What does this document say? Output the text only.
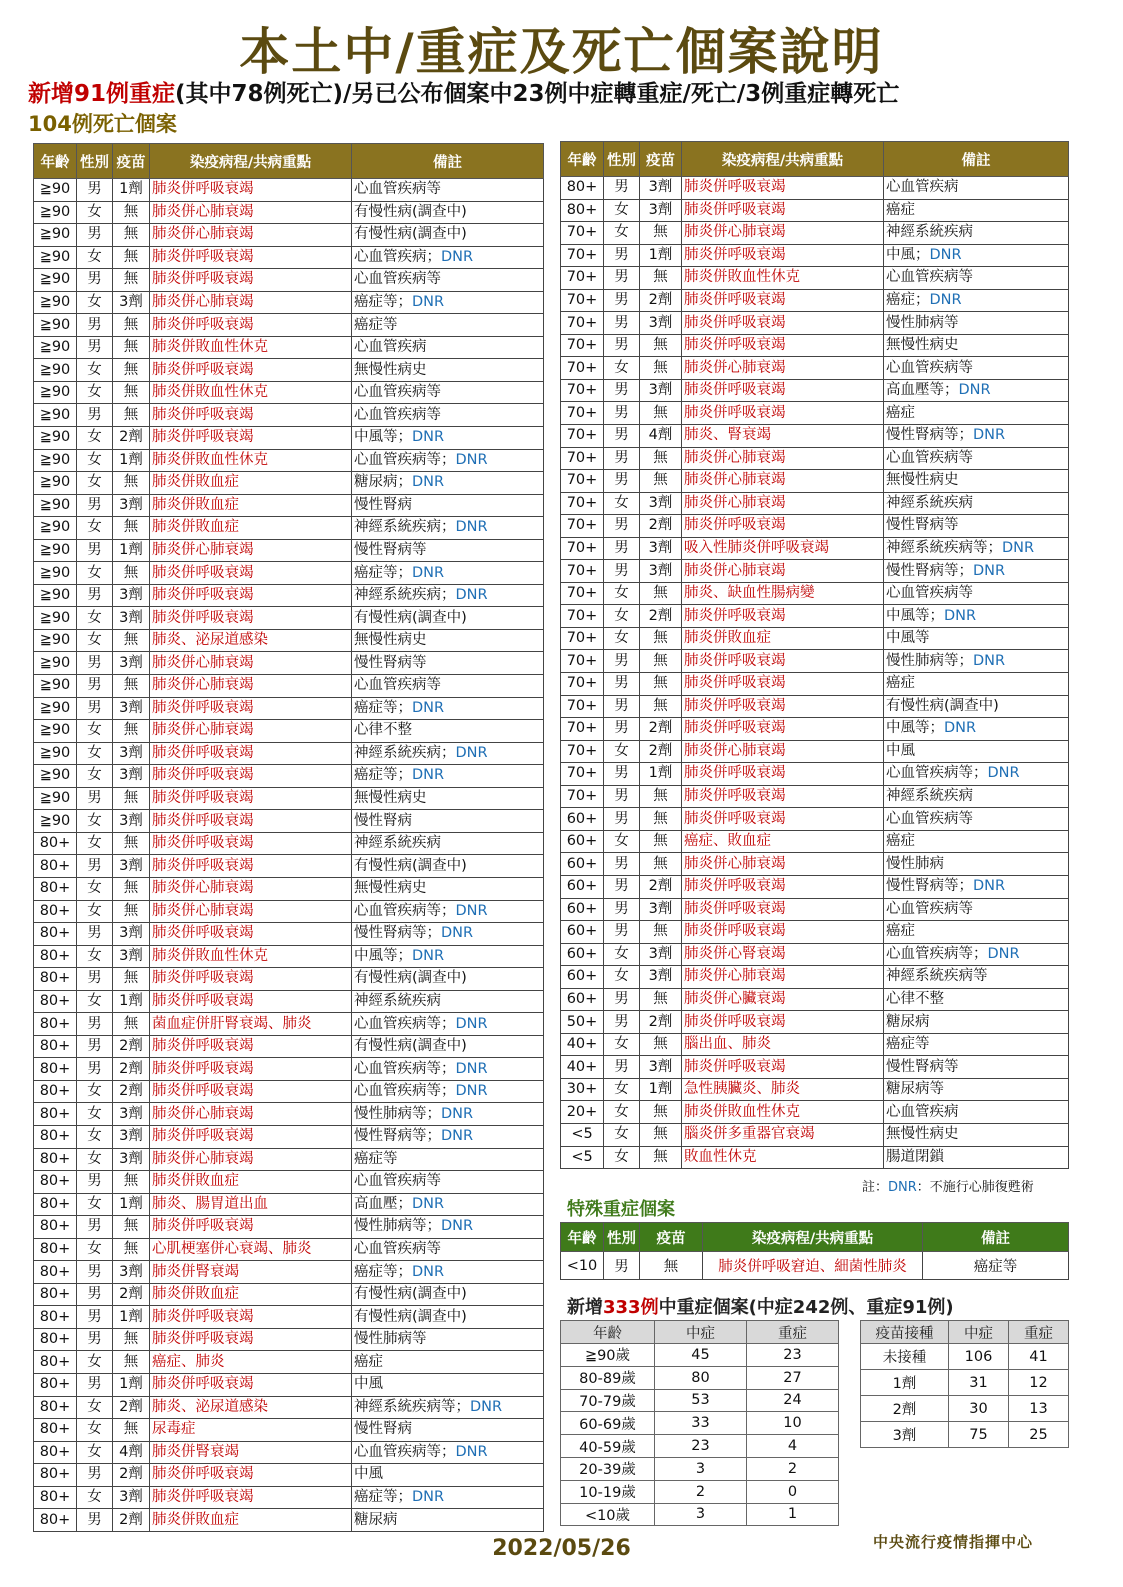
本土中/重症及死亡個案說明
新增91例重症(其中78例死亡)/另已公布個案中23例中症轉重症/死亡/3例重症轉死亡
104例死亡個案
年齡	性別	疫苗	染疫病程/共病重點	備註
≧90	男	1劑	肺炎併呼吸衰竭	心血管疾病等
≧90	女	無	肺炎併心肺衰竭	有慢性病(調查中)
≧90	男	無	肺炎併心肺衰竭	有慢性病(調查中)
≧90	女	無	肺炎併呼吸衰竭	心血管疾病；DNR
≧90	男	無	肺炎併呼吸衰竭	心血管疾病等
≧90	女	3劑	肺炎併心肺衰竭	癌症等；DNR
≧90	男	無	肺炎併呼吸衰竭	癌症等
≧90	男	無	肺炎併敗血性休克	心血管疾病
≧90	女	無	肺炎併呼吸衰竭	無慢性病史
≧90	女	無	肺炎併敗血性休克	心血管疾病等
≧90	男	無	肺炎併呼吸衰竭	心血管疾病等
≧90	女	2劑	肺炎併呼吸衰竭	中風等；DNR
≧90	女	1劑	肺炎併敗血性休克	心血管疾病等；DNR
≧90	女	無	肺炎併敗血症	糖尿病；DNR
≧90	男	3劑	肺炎併敗血症	慢性腎病
≧90	女	無	肺炎併敗血症	神經系統疾病；DNR
≧90	男	1劑	肺炎併心肺衰竭	慢性腎病等
≧90	女	無	肺炎併呼吸衰竭	癌症等；DNR
≧90	男	3劑	肺炎併呼吸衰竭	神經系統疾病；DNR
≧90	女	3劑	肺炎併呼吸衰竭	有慢性病(調查中)
≧90	女	無	肺炎、泌尿道感染	無慢性病史
≧90	男	3劑	肺炎併心肺衰竭	慢性腎病等
≧90	男	無	肺炎併心肺衰竭	心血管疾病等
≧90	男	3劑	肺炎併呼吸衰竭	癌症等；DNR
≧90	女	無	肺炎併心肺衰竭	心律不整
≧90	女	3劑	肺炎併呼吸衰竭	神經系統疾病；DNR
≧90	女	3劑	肺炎併呼吸衰竭	癌症等；DNR
≧90	男	無	肺炎併呼吸衰竭	無慢性病史
≧90	女	3劑	肺炎併呼吸衰竭	慢性腎病
80+	女	無	肺炎併呼吸衰竭	神經系統疾病
80+	男	3劑	肺炎併呼吸衰竭	有慢性病(調查中)
80+	女	無	肺炎併心肺衰竭	無慢性病史
80+	女	無	肺炎併心肺衰竭	心血管疾病等；DNR
80+	男	3劑	肺炎併呼吸衰竭	慢性腎病等；DNR
80+	女	3劑	肺炎併敗血性休克	中風等；DNR
80+	男	無	肺炎併呼吸衰竭	有慢性病(調查中)
80+	女	1劑	肺炎併呼吸衰竭	神經系統疾病
80+	男	無	菌血症併肝腎衰竭、肺炎	心血管疾病等；DNR
80+	男	2劑	肺炎併呼吸衰竭	有慢性病(調查中)
80+	男	2劑	肺炎併呼吸衰竭	心血管疾病等；DNR
80+	女	2劑	肺炎併呼吸衰竭	心血管疾病等；DNR
80+	女	3劑	肺炎併心肺衰竭	慢性肺病等；DNR
80+	女	3劑	肺炎併呼吸衰竭	慢性腎病等；DNR
80+	女	3劑	肺炎併心肺衰竭	癌症等
80+	男	無	肺炎併敗血症	心血管疾病等
80+	女	1劑	肺炎、腸胃道出血	高血壓；DNR
80+	男	無	肺炎併呼吸衰竭	慢性肺病等；DNR
80+	女	無	心肌梗塞併心衰竭、肺炎	心血管疾病等
80+	男	3劑	肺炎併腎衰竭	癌症等；DNR
80+	男	2劑	肺炎併敗血症	有慢性病(調查中)
80+	男	1劑	肺炎併呼吸衰竭	有慢性病(調查中)
80+	男	無	肺炎併呼吸衰竭	慢性肺病等
80+	女	無	癌症、肺炎	癌症
80+	男	1劑	肺炎併呼吸衰竭	中風
80+	女	2劑	肺炎、泌尿道感染	神經系統疾病等；DNR
80+	女	無	尿毒症	慢性腎病
80+	女	4劑	肺炎併腎衰竭	心血管疾病等；DNR
80+	男	2劑	肺炎併呼吸衰竭	中風
80+	女	3劑	肺炎併呼吸衰竭	癌症等；DNR
80+	男	2劑	肺炎併敗血症	糖尿病
年齡	性別	疫苗	染疫病程/共病重點	備註
80+	男	3劑	肺炎併呼吸衰竭	心血管疾病
80+	女	3劑	肺炎併呼吸衰竭	癌症
70+	女	無	肺炎併心肺衰竭	神經系統疾病
70+	男	1劑	肺炎併呼吸衰竭	中風；DNR
70+	男	無	肺炎併敗血性休克	心血管疾病等
70+	男	2劑	肺炎併呼吸衰竭	癌症；DNR
70+	男	3劑	肺炎併呼吸衰竭	慢性肺病等
70+	男	無	肺炎併呼吸衰竭	無慢性病史
70+	女	無	肺炎併心肺衰竭	心血管疾病等
70+	男	3劑	肺炎併呼吸衰竭	高血壓等；DNR
70+	男	無	肺炎併呼吸衰竭	癌症
70+	男	4劑	肺炎、腎衰竭	慢性腎病等；DNR
70+	男	無	肺炎併心肺衰竭	心血管疾病等
70+	男	無	肺炎併心肺衰竭	無慢性病史
70+	女	3劑	肺炎併心肺衰竭	神經系統疾病
70+	男	2劑	肺炎併呼吸衰竭	慢性腎病等
70+	男	3劑	吸入性肺炎併呼吸衰竭	神經系統疾病等；DNR
70+	男	3劑	肺炎併心肺衰竭	慢性腎病等；DNR
70+	女	無	肺炎、缺血性腸病變	心血管疾病等
70+	女	2劑	肺炎併呼吸衰竭	中風等；DNR
70+	女	無	肺炎併敗血症	中風等
70+	男	無	肺炎併呼吸衰竭	慢性肺病等；DNR
70+	男	無	肺炎併呼吸衰竭	癌症
70+	男	無	肺炎併呼吸衰竭	有慢性病(調查中)
70+	男	2劑	肺炎併呼吸衰竭	中風等；DNR
70+	女	2劑	肺炎併心肺衰竭	中風
70+	男	1劑	肺炎併呼吸衰竭	心血管疾病等；DNR
70+	男	無	肺炎併呼吸衰竭	神經系統疾病
60+	男	無	肺炎併呼吸衰竭	心血管疾病等
60+	女	無	癌症、敗血症	癌症
60+	男	無	肺炎併心肺衰竭	慢性肺病
60+	男	2劑	肺炎併呼吸衰竭	慢性腎病等；DNR
60+	男	3劑	肺炎併呼吸衰竭	心血管疾病等
60+	男	無	肺炎併呼吸衰竭	癌症
60+	女	3劑	肺炎併心腎衰竭	心血管疾病等；DNR
60+	女	3劑	肺炎併心肺衰竭	神經系統疾病等
60+	男	無	肺炎併心臟衰竭	心律不整
50+	男	2劑	肺炎併呼吸衰竭	糖尿病
40+	女	無	腦出血、肺炎	癌症等
40+	男	3劑	肺炎併呼吸衰竭	慢性腎病等
30+	女	1劑	急性胰臟炎、肺炎	糖尿病等
20+	女	無	肺炎併敗血性休克	心血管疾病
<5	女	無	腦炎併多重器官衰竭	無慢性病史
<5	女	無	敗血性休克	腸道閉鎖
註：DNR：不施行心肺復甦術
特殊重症個案
年齡	性別	疫苗	染疫病程/共病重點	備註
<10	男	無	肺炎併呼吸窘迫、細菌性肺炎	癌症等
新增333例中重症個案(中症242例、重症91例)
年齡	中症	重症
≧90歲	45	23
80-89歲	80	27
70-79歲	53	24
60-69歲	33	10
40-59歲	23	4
20-39歲	3	2
10-19歲	2	0
<10歲	3	1
疫苗接種	中症	重症
未接種	106	41
1劑	31	12
2劑	30	13
3劑	75	25
2022/05/26	中央流行疫情指揮中心
